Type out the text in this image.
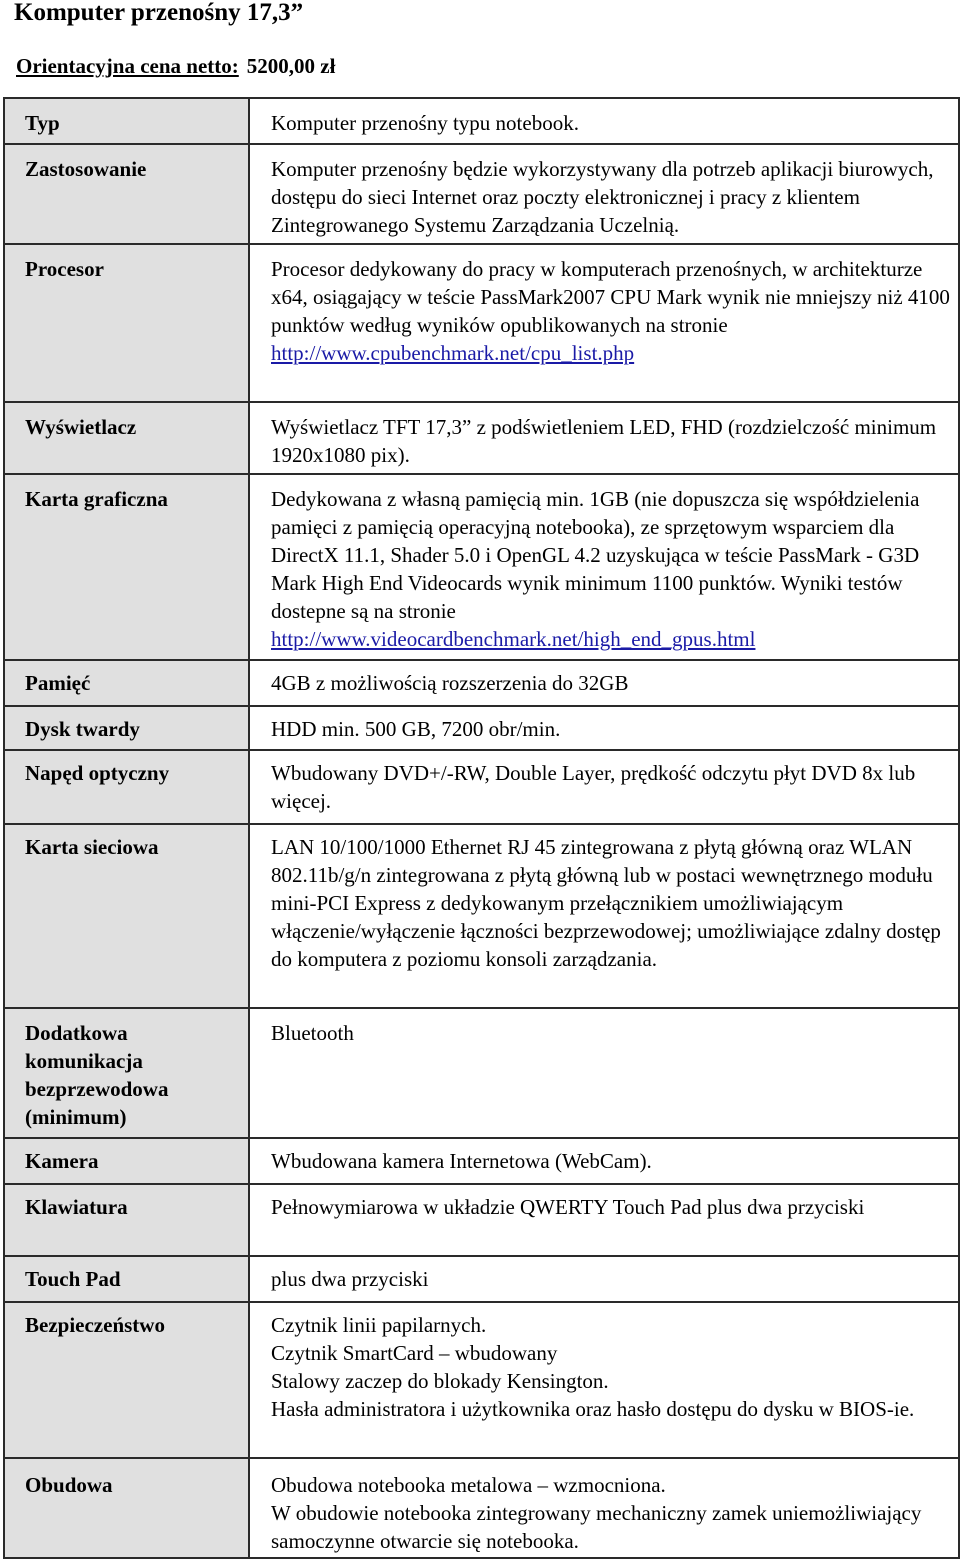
Komputer przenośny 17,3”

Orientacyjna cena netto: 5200,00 zł

Typ	Komputer przenośny typu notebook.
Zastosowanie	Komputer przenośny będzie wykorzystywany dla potrzeb aplikacji biurowych, dostępu do sieci Internet oraz poczty elektronicznej i pracy z klientem Zintegrowanego Systemu Zarządzania Uczelnią.
Procesor	Procesor dedykowany do pracy w komputerach przenośnych, w architekturze x64, osiągający w teście PassMark2007 CPU Mark wynik nie mniejszy niż 4100 punktów według wyników opublikowanych na stronie
http://www.cpubenchmark.net/cpu_list.php

Wyświetlacz	Wyświetlacz TFT 17,3” z podświetleniem LED, FHD (rozdzielczość minimum 1920x1080 pix).
Karta graficzna	Dedykowana z własną pamięcią min. 1GB (nie dopuszcza się współdzielenia pamięci z pamięcią operacyjną notebooka), ze sprzętowym wsparciem dla DirectX 11.1, Shader 5.0 i OpenGL 4.2 uzyskująca w teście PassMark - G3D Mark High End Videocards wynik minimum 1100 punktów. Wyniki testów dostepne są na stronie
http://www.videocardbenchmark.net/high_end_gpus.html

Pamięć	4GB z możliwością rozszerzenia do 32GB
Dysk twardy	HDD min. 500 GB, 7200 obr/min.
Napęd optyczny	Wbudowany DVD+/-RW, Double Layer, prędkość odczytu płyt DVD 8x lub więcej.
Karta sieciowa	LAN 10/100/1000 Ethernet RJ 45 zintegrowana z płytą główną oraz WLAN 802.11b/g/n zintegrowana z płytą główną lub w postaci wewnętrznego modułu mini-PCI Express z dedykowanym przełącznikiem umożliwiającym włączenie/wyłączenie łączności bezprzewodowej; umożliwiające zdalny dostęp do komputera z poziomu konsoli zarządzania.
Dodatkowa komunikacja bezprzewodowa (minimum)	Bluetooth
Kamera	Wbudowana kamera Internetowa (WebCam).
Klawiatura	Pełnowymiarowa w układzie QWERTY Touch Pad plus dwa przyciski
Touch Pad	plus dwa przyciski
Bezpieczeństwo	Czytnik linii papilarnych.
Czytnik SmartCard – wbudowany
Stalowy zaczep do blokady Kensington.
Hasła administratora i użytkownika oraz hasło dostępu do dysku w BIOS-ie.

Obudowa	Obudowa notebooka metalowa – wzmocniona.
W obudowie notebooka zintegrowany mechaniczny zamek uniemożliwiający samoczynne otwarcie się notebooka.
